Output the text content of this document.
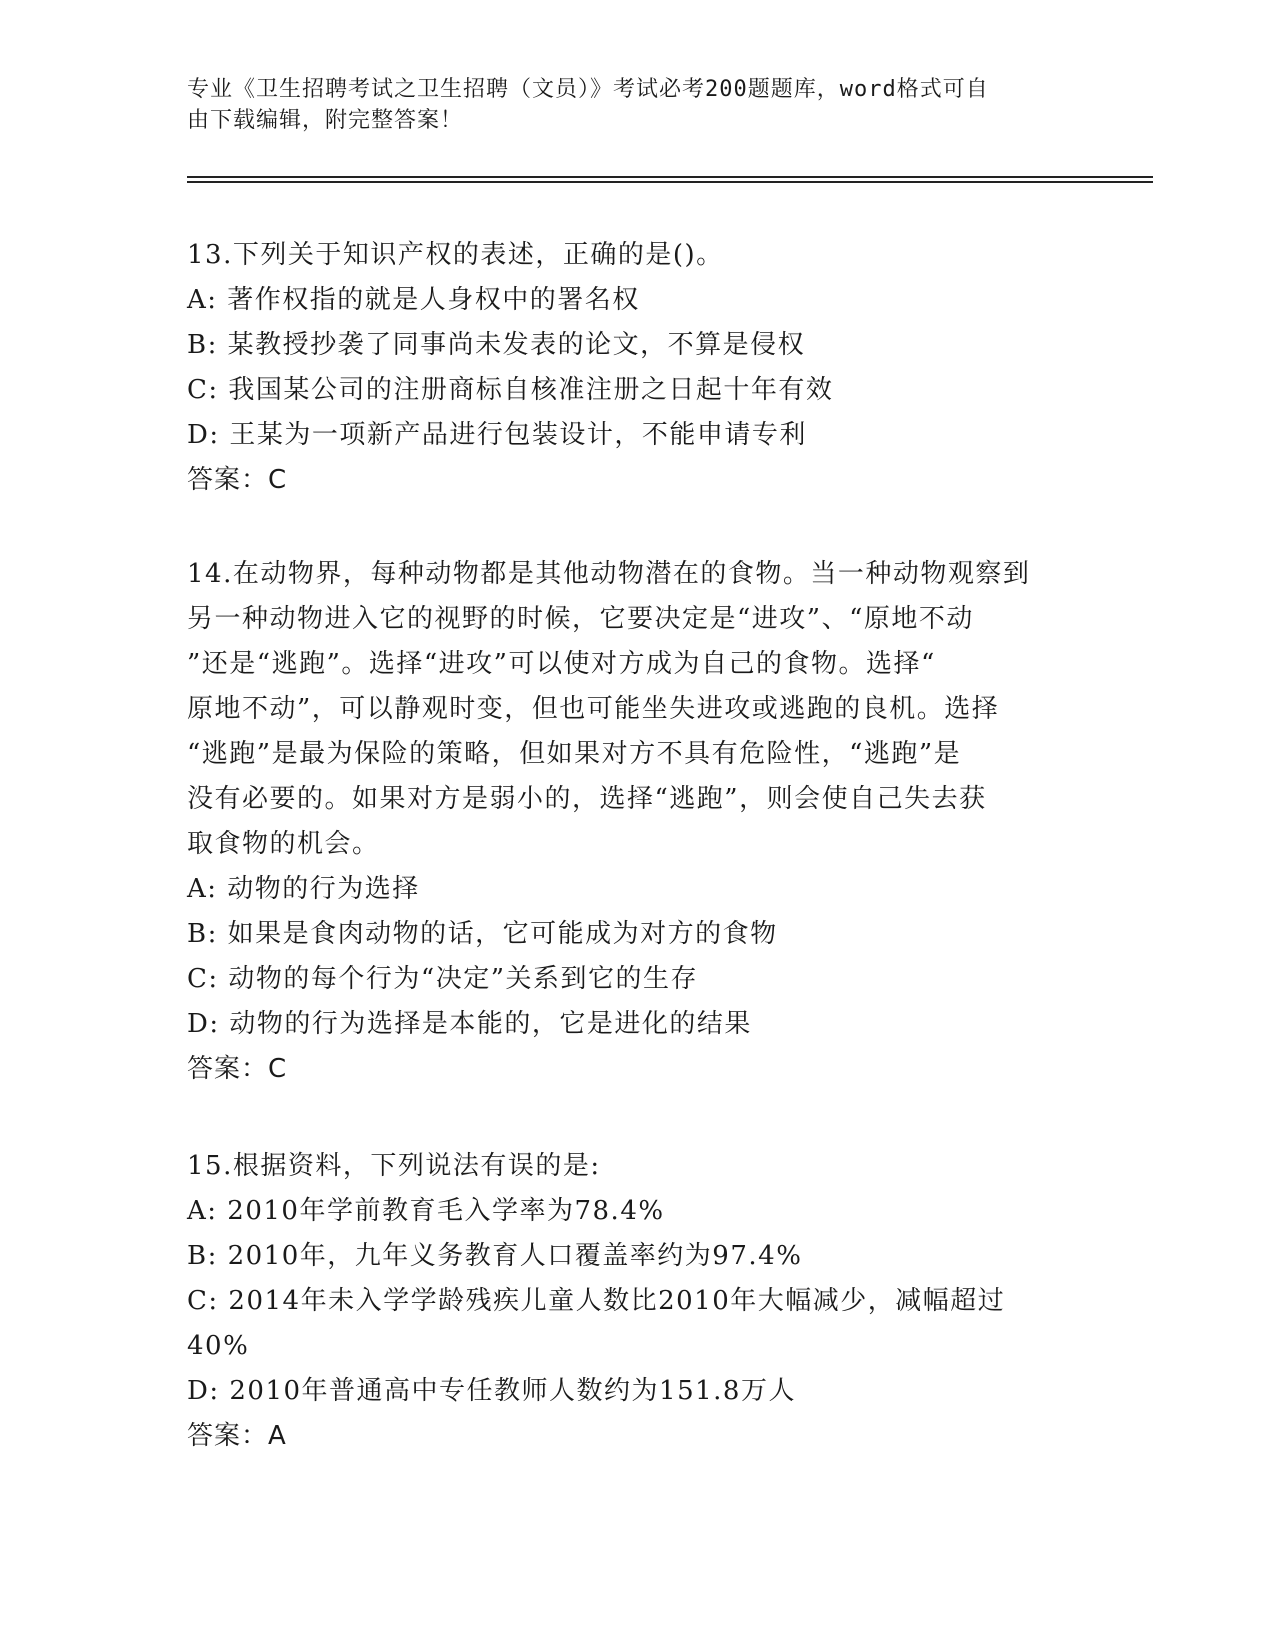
专业《卫生招聘考试之卫生招聘（文员）》考试必考200题题库，word格式可自
由下载编辑，附完整答案！
13.下列关于知识产权的表述，正确的是()。
A: 著作权指的就是人身权中的署名权
B: 某教授抄袭了同事尚未发表的论文，不算是侵权
C: 我国某公司的注册商标自核准注册之日起十年有效
D: 王某为一项新产品进行包装设计，不能申请专利
答案：C
14.在动物界，每种动物都是其他动物潜在的食物。当一种动物观察到
另一种动物进入它的视野的时候，它要决定是“进攻”、“原地不动
”还是“逃跑”。选择“进攻”可以使对方成为自己的食物。选择“
原地不动”，可以静观时变，但也可能坐失进攻或逃跑的良机。选择
“逃跑”是最为保险的策略，但如果对方不具有危险性，“逃跑”是
没有必要的。如果对方是弱小的，选择“逃跑”，则会使自己失去获
取食物的机会。
A: 动物的行为选择
B: 如果是食肉动物的话，它可能成为对方的食物
C: 动物的每个行为“决定”关系到它的生存
D: 动物的行为选择是本能的，它是进化的结果
答案：C
15.根据资料，下列说法有误的是:
A: 2010年学前教育毛入学率为78.4%
B: 2010年，九年义务教育人口覆盖率约为97.4%
C: 2014年未入学学龄残疾儿童人数比2010年大幅减少，减幅超过
40%
D: 2010年普通高中专任教师人数约为151.8万人
答案：A
